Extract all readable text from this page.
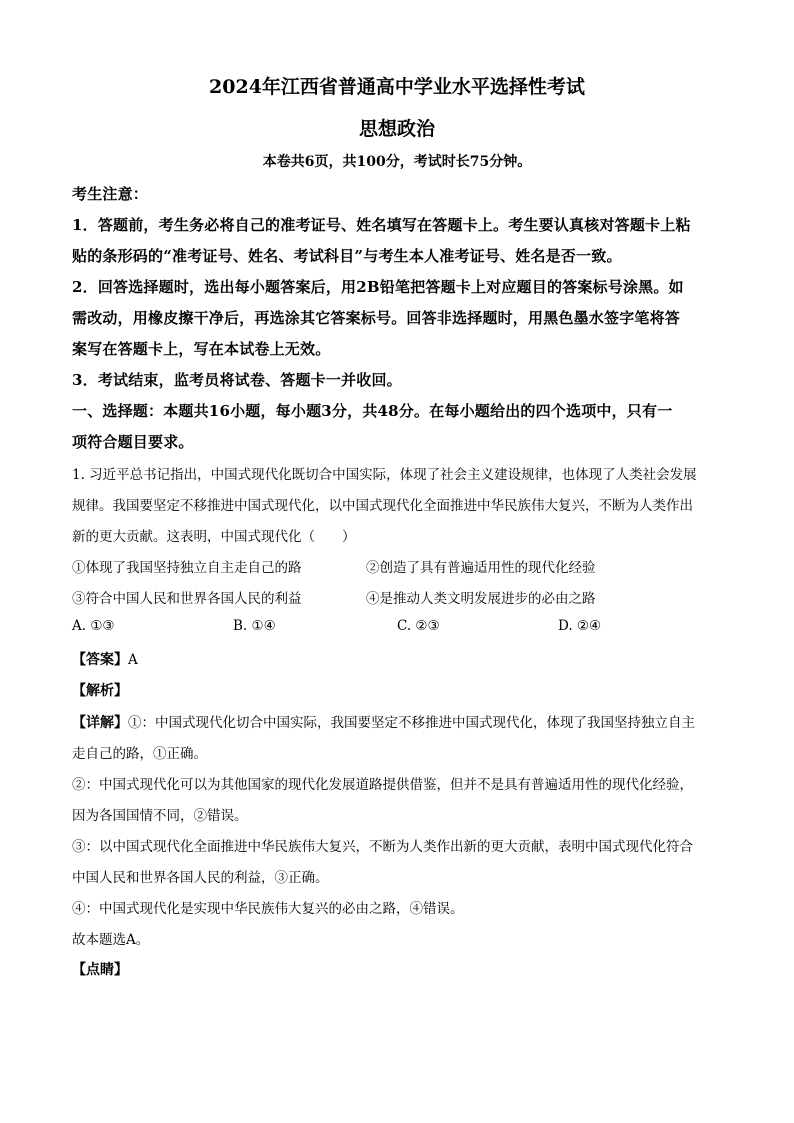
2024年江西省普通高中学业水平选择性考试
思想政治
本卷共6页，共100分，考试时长75分钟。
考生注意：
1．答题前，考生务必将自己的准考证号、姓名填写在答题卡上。考生要认真核对答题卡上粘
贴的条形码的“准考证号、姓名、考试科目”与考生本人准考证号、姓名是否一致。
2．回答选择题时，选出每小题答案后，用2B铅笔把答题卡上对应题目的答案标号涂黑。如
需改动，用橡皮擦干净后，再选涂其它答案标号。回答非选择题时，用黑色墨水签字笔将答
案写在答题卡上，写在本试卷上无效。
3．考试结束，监考员将试卷、答题卡一并收回。
一、选择题：本题共16小题，每小题3分，共48分。在每小题给出的四个选项中，只有一
项符合题目要求。
1. 习近平总书记指出，中国式现代化既切合中国实际，体现了社会主义建设规律，也体现了人类社会发展
规律。我国要坚定不移推进中国式现代化，以中国式现代化全面推进中华民族伟大复兴，不断为人类作出
新的更大贡献。这表明，中国式现代化（　　）
①体现了我国坚持独立自主走自己的路	②创造了具有普遍适用性的现代化经验
③符合中国人民和世界各国人民的利益	④是推动人类文明发展进步的必由之路
A. ①③	B. ①④	C. ②③	D. ②④
【答案】A
【解析】
【详解】①：中国式现代化切合中国实际，我国要坚定不移推进中国式现代化，体现了我国坚持独立自主
走自己的路，①正确。
②：中国式现代化可以为其他国家的现代化发展道路提供借鉴，但并不是具有普遍适用性的现代化经验，
因为各国国情不同，②错误。
③：以中国式现代化全面推进中华民族伟大复兴，不断为人类作出新的更大贡献，表明中国式现代化符合
中国人民和世界各国人民的利益，③正确。
④：中国式现代化是实现中华民族伟大复兴的必由之路，④错误。
故本题选A。
【点睛】
